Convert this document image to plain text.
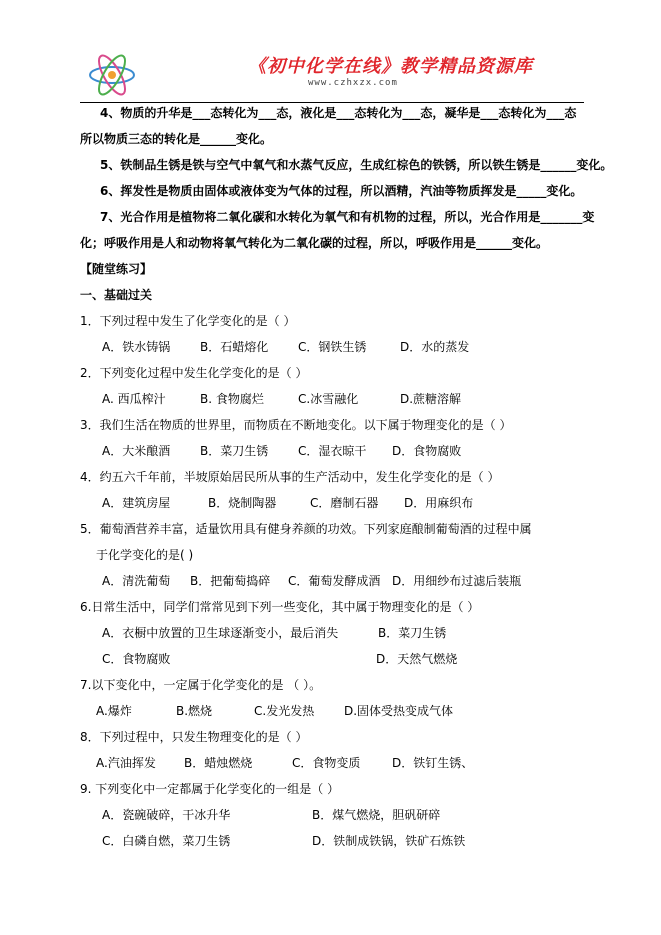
《初中化学在线》教学精品资源库
www.czhxzx.com
4、物质的升华是___态转化为___态，液化是___态转化为___态，凝华是___态转化为___态
所以物质三态的转化是______变化。
5、铁制品生锈是铁与空气中氧气和水蒸气反应，生成红棕色的铁锈，所以铁生锈是______变化。
6、挥发性是物质由固体或液体变为气体的过程，所以酒精，汽油等物质挥发是_____变化。
7、光合作用是植物将二氧化碳和水转化为氧气和有机物的过程，所以，光合作用是_______变
化；呼吸作用是人和动物将氧气转化为二氧化碳的过程，所以，呼吸作用是______变化。
【随堂练习】
一、基础过关
1．下列过程中发生了化学变化的是（ ）
A．铁水铸锅 B．石蜡熔化 C．钢铁生锈	D．水的蒸发
2．下列变化过程中发生化学变化的是（ ）
A. 西瓜榨汁	B. 食物腐烂	C.冰雪融化	D.蔗糖溶解
3．我们生活在物质的世界里，而物质在不断地变化。以下属于物理变化的是（ ）
A．大米酿酒 B．菜刀生锈 C．湿衣晾干 D．食物腐败
4．约五六千年前，半坡原始居民所从事的生产活动中，发生化学变化的是（ ）
A．建筑房屋	B．烧制陶器	C．磨制石器 D．用麻织布
5．葡萄酒营养丰富，适量饮用具有健身养颜的功效。下列家庭酿制葡萄酒的过程中属
于化学变化的是( )
A．清洗葡萄 B．把葡萄捣碎 C．葡萄发酵成酒 D．用细纱布过滤后装瓶
6.日常生活中，同学们常常见到下列一些变化，其中属于物理变化的是（ ）
A．衣橱中放置的卫生球逐渐变小，最后消失	B．菜刀生锈
C．食物腐败	D．天然气燃烧
7.以下变化中，一定属于化学变化的是 （ ）。
A.爆炸	B.燃烧	C.发光发热 D.固体受热变成气体
8．下列过程中，只发生物理变化的是（ ）
A.汽油挥发 B．蜡烛燃烧	C．食物变质	D．铁钉生锈、
9. 下列变化中一定都属于化学变化的一组是（ ）
A．瓷碗破碎，干冰升华	B．煤气燃烧，胆矾研碎
C．白磷自燃，菜刀生锈	D．铁制成铁锅，铁矿石炼铁
